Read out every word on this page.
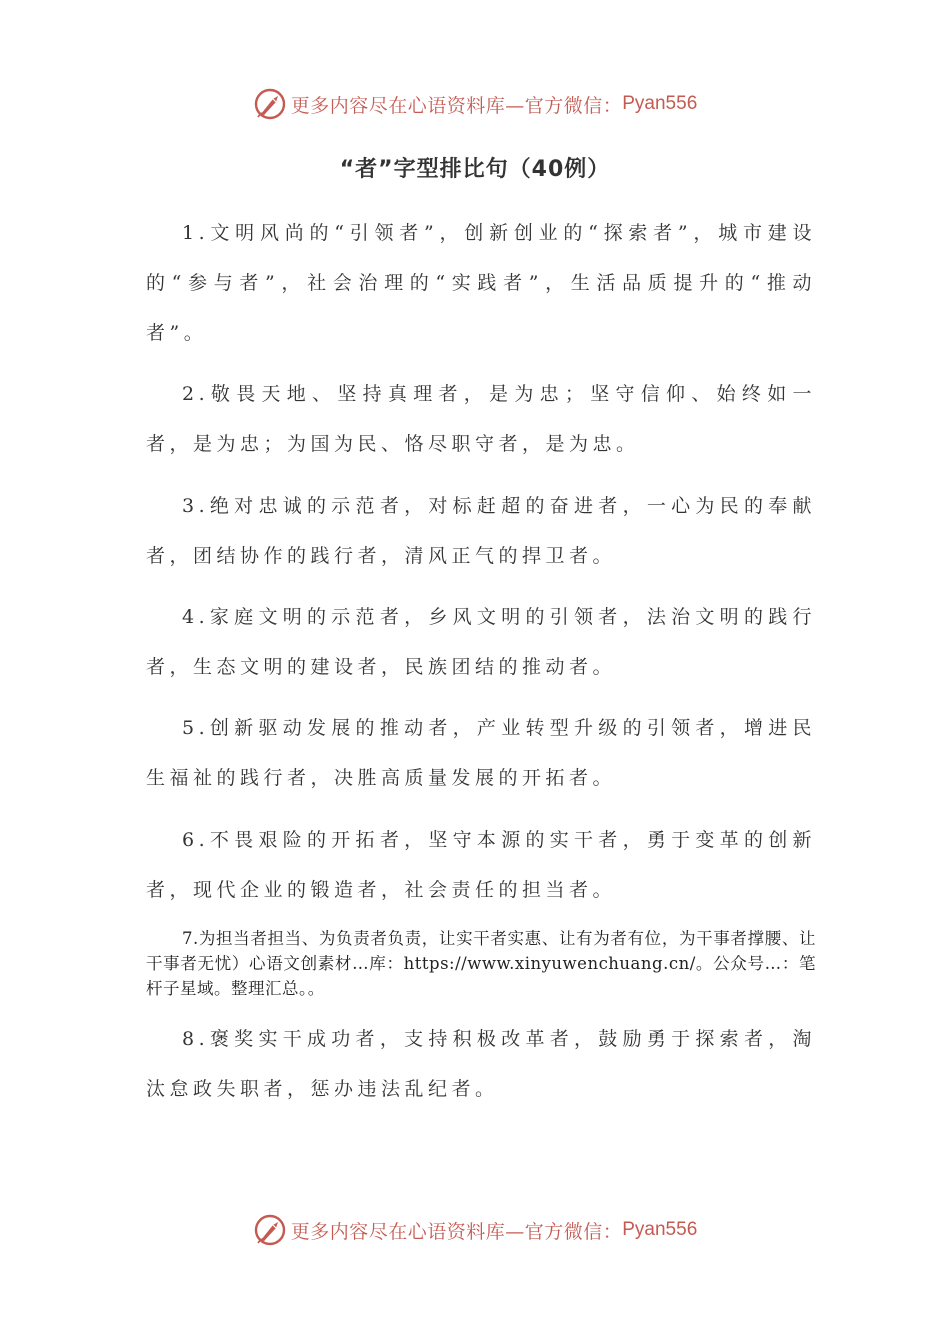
更多内容尽在心语资料库—官方微信： Pyan556
“者”字型排比句（40例）

1.文明风尚的“引领者”，创新创业的“探索者”，城市建设的“参与者”，社会治理的“实践者”，生活品质提升的“推动者”。

2.敬畏天地、坚持真理者，是为忠；坚守信仰、始终如一者，是为忠；为国为民、恪尽职守者，是为忠。

3.绝对忠诚的示范者，对标赶超的奋进者，一心为民的奉献者，团结协作的践行者，清风正气的捍卫者。

4.家庭文明的示范者，乡风文明的引领者，法治文明的践行者，生态文明的建设者，民族团结的推动者。

5.创新驱动发展的推动者，产业转型升级的引领者，增进民生福祉的践行者，决胜高质量发展的开拓者。

6.不畏艰险的开拓者，坚守本源的实干者，勇于变革的创新者，现代企业的锻造者，社会责任的担当者。

7.为担当者担当、为负责者负责，让实干者实惠、让有为者有位，为干事者撑腰、让干事者无忧）心语文创素材…库：https://www.xinyuwenchuang.cn/。公众号…：笔杆子星域。整理汇总。。

8.褒奖实干成功者，支持积极改革者，鼓励勇于探索者，淘汰怠政失职者，惩办违法乱纪者。

更多内容尽在心语资料库—官方微信： Pyan556
